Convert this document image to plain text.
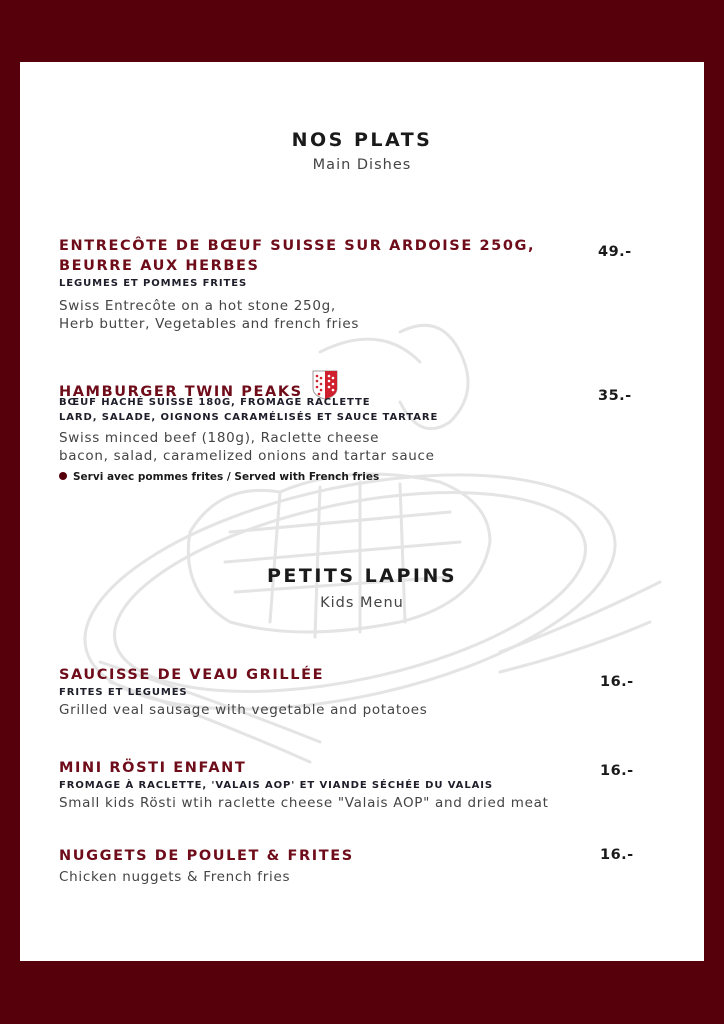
NOS PLATS
Main Dishes
ENTRECÔTE DE BŒUF SUISSE SUR ARDOISE 250G,
BEURRE AUX HERBES
LEGUMES ET POMMES FRITES
Swiss Entrecôte on a hot stone 250g,
Herb butter, Vegetables and french fries
49.-
HAMBURGER TWIN PEAKS
BŒUF HACHÉ SUISSE 180G, FROMAGE RACLETTE
LARD, SALADE, OIGNONS CARAMÉLISÉS ET SAUCE TARTARE
Swiss minced beef (180g), Raclette cheese
bacon, salad, caramelized onions and tartar sauce
Servi avec pommes frites / Served with French fries
35.-
PETITS LAPINS
Kids Menu
SAUCISSE DE VEAU GRILLÉE
FRITES ET LEGUMES
Grilled veal sausage with vegetable and potatoes
16.-
MINI RÖSTI ENFANT
FROMAGE À RACLETTE, 'VALAIS AOP' ET VIANDE SÉCHÉE DU VALAIS
Small kids Rösti wtih raclette cheese "Valais AOP" and dried meat
16.-
NUGGETS DE POULET & FRITES
Chicken nuggets & French fries
16.-
